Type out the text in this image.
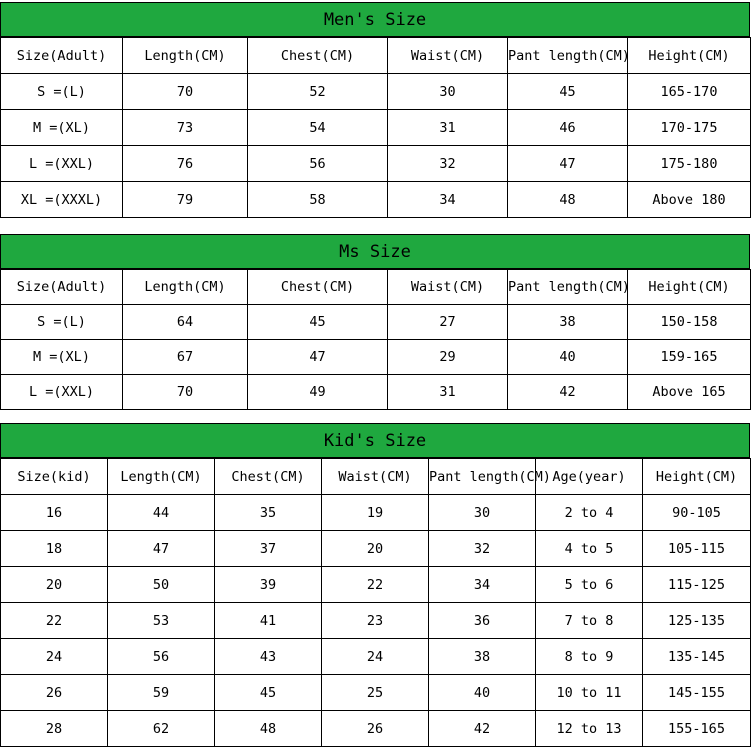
Men's Size
Size(Adult)	Length(CM)	Chest(CM)	Waist(CM)	Pant length(CM)	Height(CM)
S =(L)	70	52	30	45	165-170
M =(XL)	73	54	31	46	170-175
L =(XXL)	76	56	32	47	175-180
XL =(XXXL)	79	58	34	48	Above 180
Ms Size
Size(Adult)	Length(CM)	Chest(CM)	Waist(CM)	Pant length(CM)	Height(CM)
S =(L)	64	45	27	38	150-158
M =(XL)	67	47	29	40	159-165
L =(XXL)	70	49	31	42	Above 165
Kid's Size
Size(kid)	Length(CM)	Chest(CM)	Waist(CM)	Pant length(CM)	Age(year)	Height(CM)
16	44	35	19	30	2 to 4	90-105
18	47	37	20	32	4 to 5	105-115
20	50	39	22	34	5 to 6	115-125
22	53	41	23	36	7 to 8	125-135
24	56	43	24	38	8 to 9	135-145
26	59	45	25	40	10 to 11	145-155
28	62	48	26	42	12 to 13	155-165
